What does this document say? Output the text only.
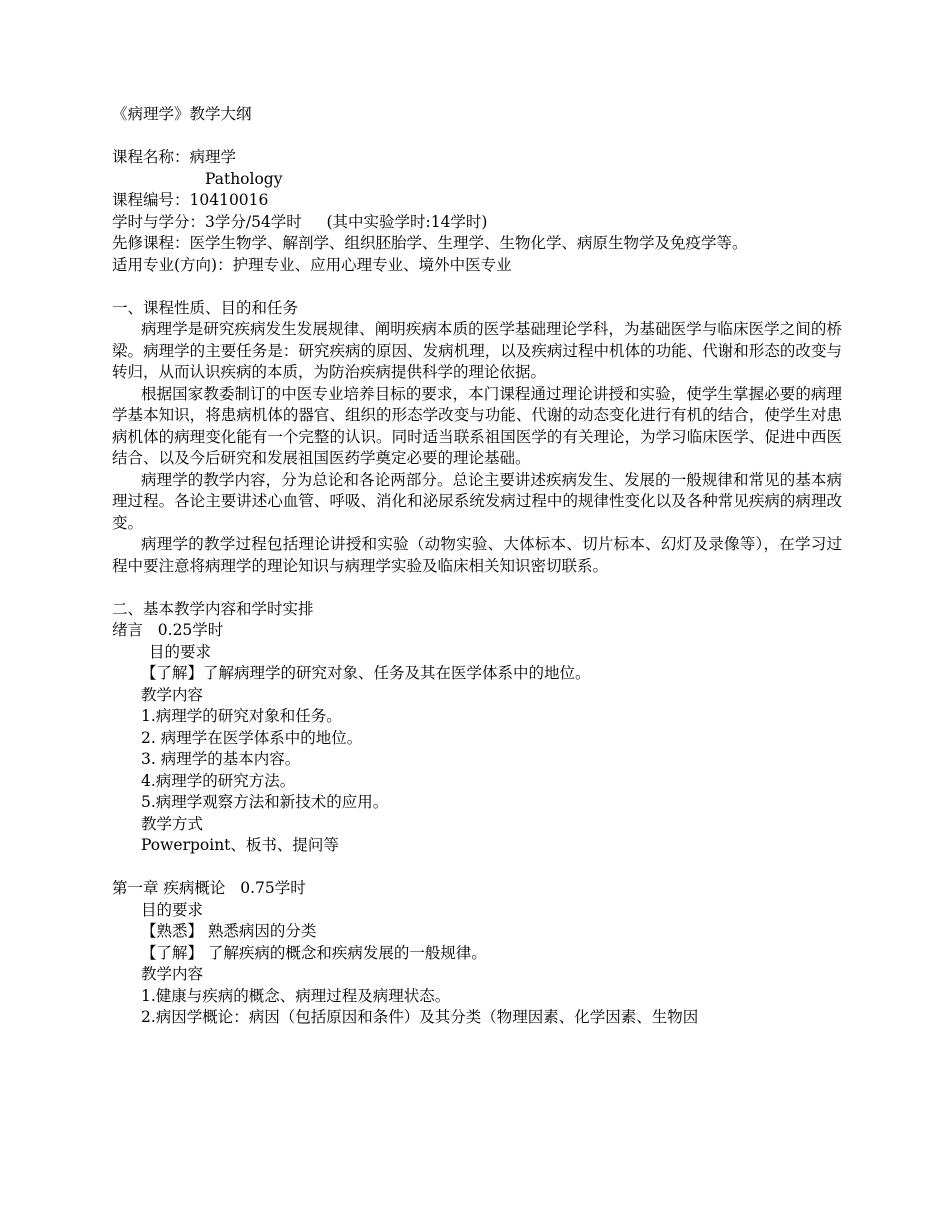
《病理学》教学大纲
课程名称：病理学
Pathology
课程编号：10410016
学时与学分：3学分/54学时     (其中实验学时:14学时)
先修课程：医学生物学、解剖学、组织胚胎学、生理学、生物化学、病原生物学及免疫学等。
适用专业(方向)：护理专业、应用心理专业、境外中医专业
一、课程性质、目的和任务
病理学是研究疾病发生发展规律、阐明疾病本质的医学基础理论学科，为基础医学与临床医学之间的桥梁。病理学的主要任务是：研究疾病的原因、发病机理，以及疾病过程中机体的功能、代谢和形态的改变与转归，从而认识疾病的本质，为防治疾病提供科学的理论依据。
根据国家教委制订的中医专业培养目标的要求，本门课程通过理论讲授和实验，使学生掌握必要的病理学基本知识，将患病机体的器官、组织的形态学改变与功能、代谢的动态变化进行有机的结合，使学生对患病机体的病理变化能有一个完整的认识。同时适当联系祖国医学的有关理论，为学习临床医学、促进中西医结合、以及今后研究和发展祖国医药学奠定必要的理论基础。
病理学的教学内容，分为总论和各论两部分。总论主要讲述疾病发生、发展的一般规律和常见的基本病理过程。各论主要讲述心血管、呼吸、消化和泌尿系统发病过程中的规律性变化以及各种常见疾病的病理改变。
病理学的教学过程包括理论讲授和实验（动物实验、大体标本、切片标本、幻灯及录像等），在学习过程中要注意将病理学的理论知识与病理学实验及临床相关知识密切联系。
二、基本教学内容和学时实排
绪言   0.25学时
目的要求
【了解】了解病理学的研究对象、任务及其在医学体系中的地位。
教学内容
1.病理学的研究对象和任务。
2. 病理学在医学体系中的地位。
3. 病理学的基本内容。
4.病理学的研究方法。
5.病理学观察方法和新技术的应用。
教学方式
Powerpoint、板书、提问等
第一章 疾病概论   0.75学时
目的要求
【熟悉】 熟悉病因的分类
【了解】 了解疾病的概念和疾病发展的一般规律。
教学内容
1.健康与疾病的概念、病理过程及病理状态。
2.病因学概论：病因（包括原因和条件）及其分类（物理因素、化学因素、生物因
